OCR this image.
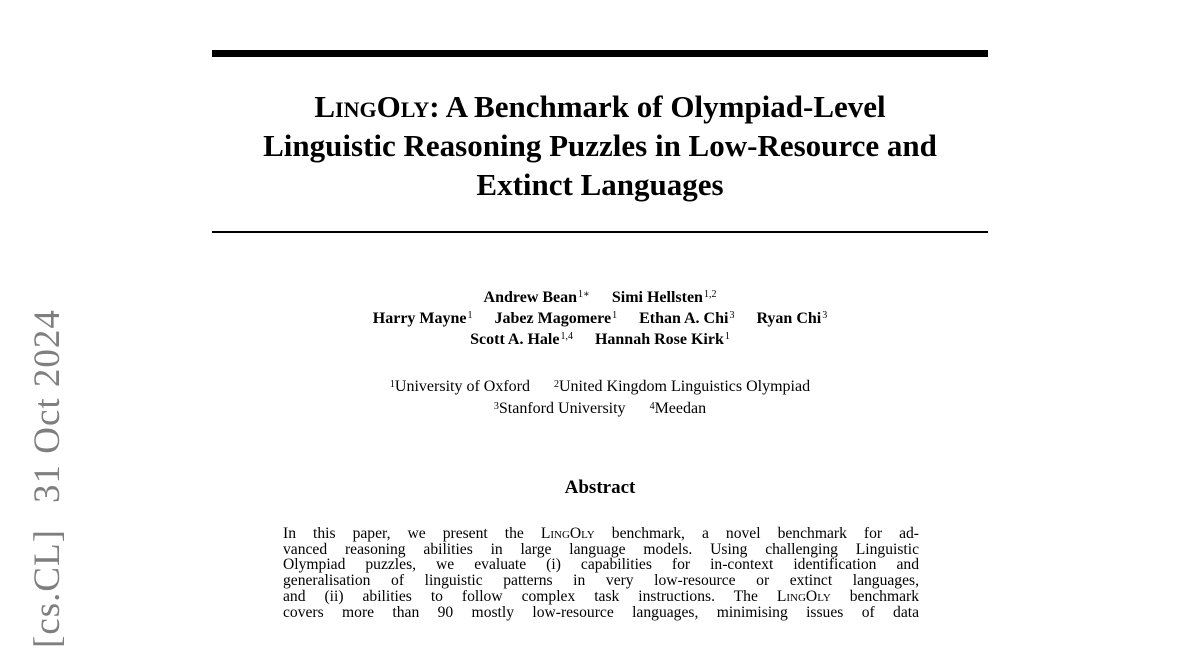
[cs.CL]31 Oct 2024
LingOly: A Benchmark of Olympiad-Level
Linguistic Reasoning Puzzles in Low-Resource and
Extinct Languages
Andrew Bean$^{1∗}$ Simi Hellsten$^{1,2}$
Harry Mayne$^1$ Jabez Magomere$^1$ Ethan A. Chi$^3$ Ryan Chi$^3$
Scott A. Hale$^{1,4}$ Hannah Rose Kirk$^1$
$^1$University of Oxford $^2$United Kingdom Linguistics Olympiad
$^3$Stanford University $^4$Meedan
Abstract
In this paper, we present the LingOly benchmark, a novel benchmark for ad-
vanced reasoning abilities in large language models. Using challenging Linguistic
Olympiad puzzles, we evaluate (i) capabilities for in-context identification and
generalisation of linguistic patterns in very low-resource or extinct languages,
and (ii) abilities to follow complex task instructions. The LingOly benchmark
covers more than 90 mostly low-resource languages, minimising issues of data
